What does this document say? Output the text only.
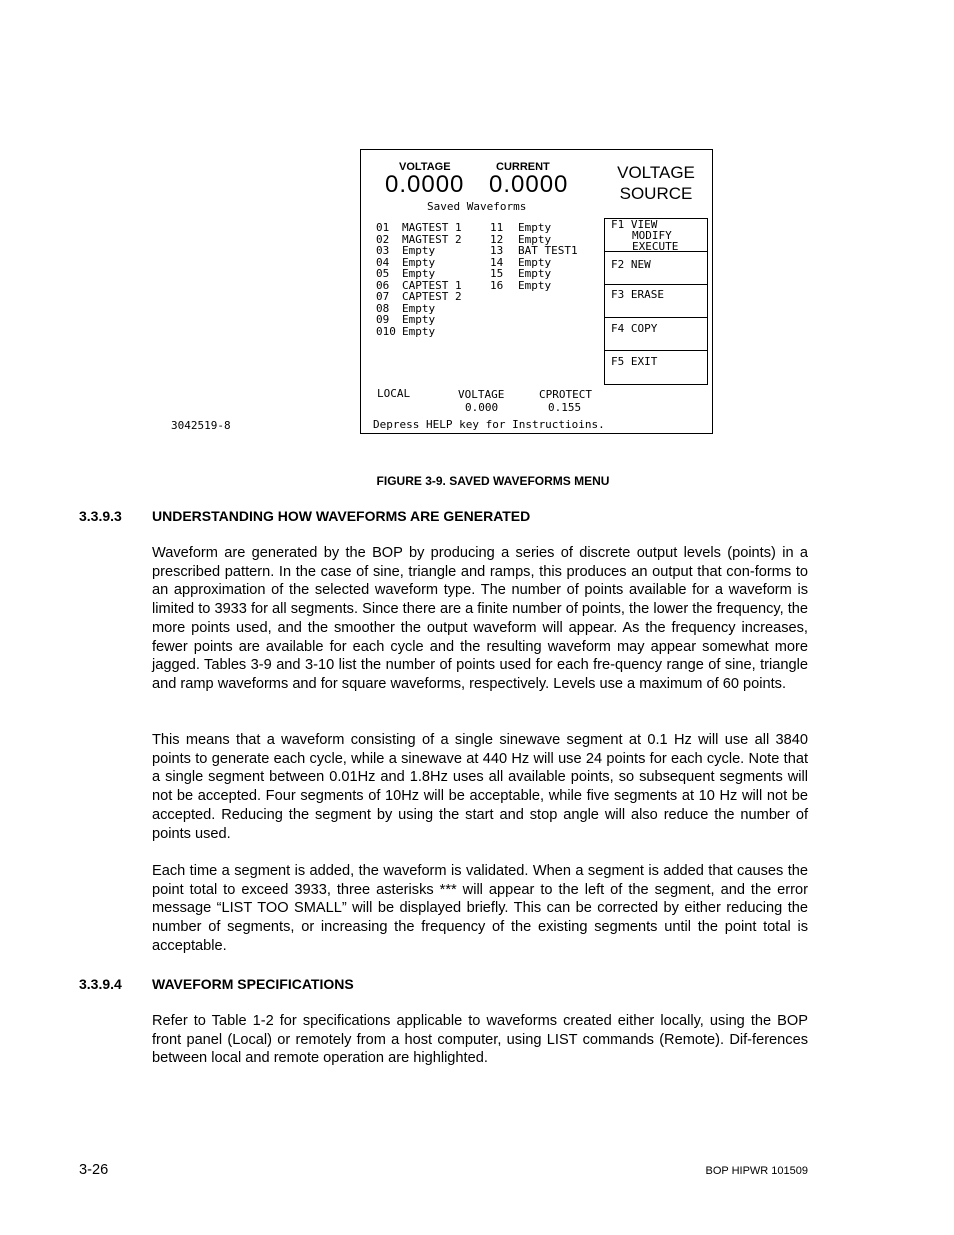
VOLTAGE	CURRENT
0.0000 0.0000	VOLTAGE
SOURCE
Saved Waveforms
01 MAGTEST 1
02 MAGTEST 2
03 Empty
04 Empty
05 Empty
06 CAPTEST 1
07 CAPTEST 2
08 Empty
09 Empty
010 Empty
11 Empty
12 Empty
13 BAT TEST1
14 Empty
15 Empty
16 Empty
F1 VIEW
MODIFY
EXECUTE
F2 NEW
F3 ERASE
F4 COPY
F5 EXIT
LOCAL	VOLTAGE
0.000
CPROTECT
0.155
Depress HELP key for Instructioins.
3042519-8
FIGURE 3-9. SAVED WAVEFORMS MENU
3.3.9.3 UNDERSTANDING HOW WAVEFORMS ARE GENERATED
Waveform are generated by the BOP by producing a series of discrete output levels (points) in a prescribed pattern. In the case of sine, triangle and ramps, this produces an output that con-forms to an approximation of the selected waveform type. The number of points available for a waveform is limited to 3933 for all segments. Since there are a finite number of points, the lower the frequency, the more points used, and the smoother the output waveform will appear. As the frequency increases, fewer points are available for each cycle and the resulting waveform may appear somewhat more jagged. Tables 3-9 and 3-10 list the number of points used for each fre-quency range of sine, triangle and ramp waveforms and for square waveforms, respectively. Levels use a maximum of 60 points.
This means that a waveform consisting of a single sinewave segment at 0.1 Hz will use all 3840 points to generate each cycle, while a sinewave at 440 Hz will use 24 points for each cycle. Note that a single segment between 0.01Hz and 1.8Hz uses all available points, so subsequent segments will not be accepted. Four segments of 10Hz will be acceptable, while five segments at 10 Hz will not be accepted. Reducing the segment by using the start and stop angle will also reduce the number of points used.
Each time a segment is added, the waveform is validated. When a segment is added that causes the point total to exceed 3933, three asterisks *** will appear to the left of the segment, and the error message “LIST TOO SMALL” will be displayed briefly. This can be corrected by either reducing the number of segments, or increasing the frequency of the existing segments until the point total is acceptable.
3.3.9.4 WAVEFORM SPECIFICATIONS
Refer to Table 1-2 for specifications applicable to waveforms created either locally, using the BOP front panel (Local) or remotely from a host computer, using LIST commands (Remote). Dif-ferences between local and remote operation are highlighted.
3-26	BOP HIPWR 101509
